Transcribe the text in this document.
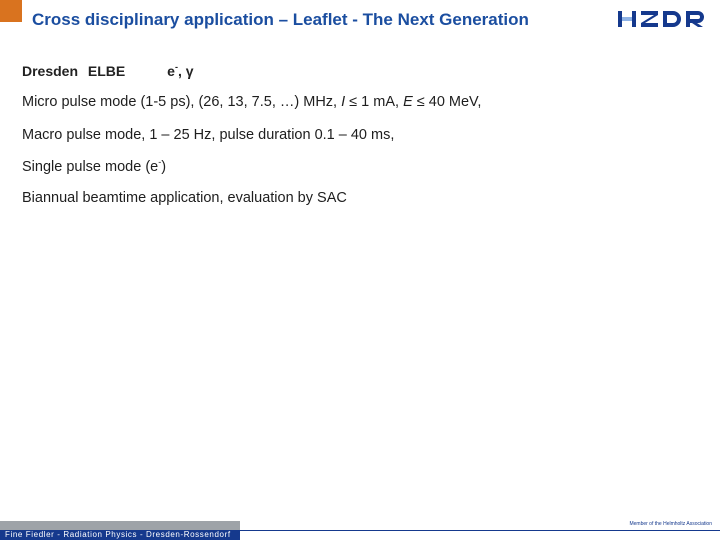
Cross disciplinary application – Leaflet - The Next Generation
Dresden ELBE	e-, γ
Micro pulse mode (1-5 ps), (26, 13, 7.5, …) MHz, I ≤ 1 mA, E ≤ 40 MeV,
Macro pulse mode, 1 – 25 Hz, pulse duration 0.1 – 40 ms,
Single pulse mode (e-)
Biannual beamtime application, evaluation by SAC
Fine Fiedler - Radiation Physics - Dresden-Rossendorf
Member of the Helmholtz Association
